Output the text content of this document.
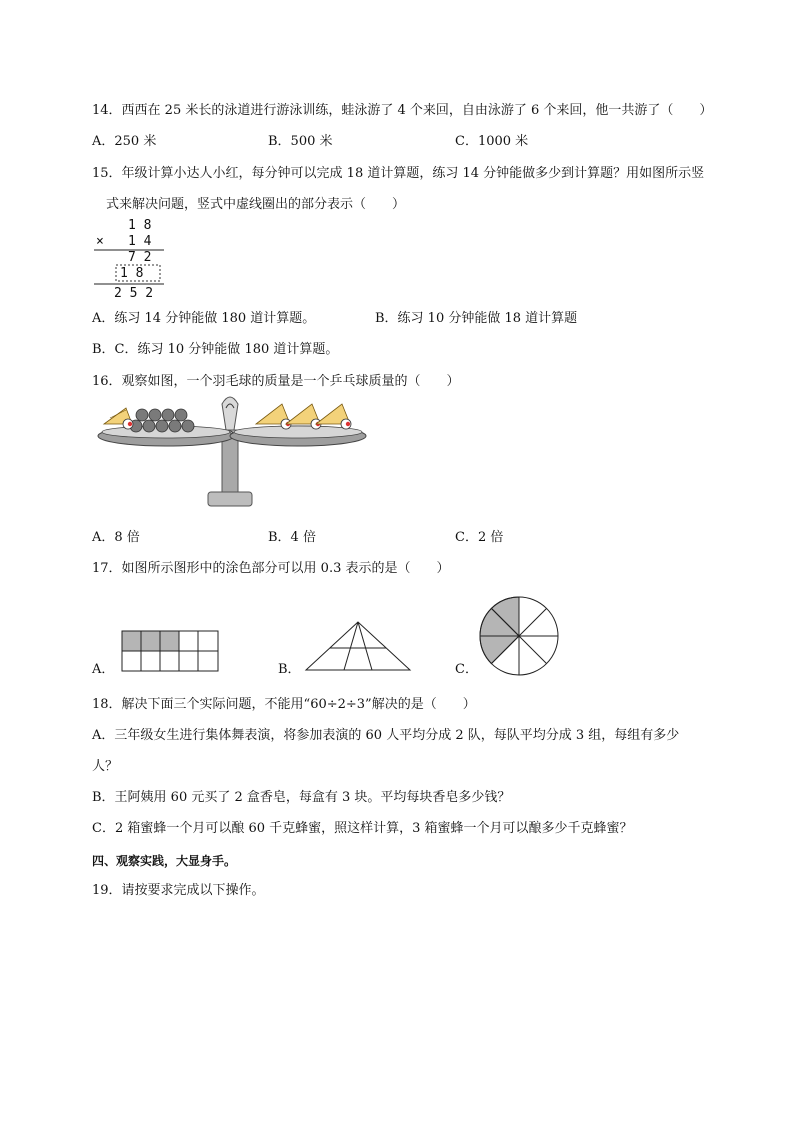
14．西西在 25 米长的泳道进行游泳训练，蛙泳游了 4 个来回，自由泳游了 6 个来回，他一共游了（　　）
A．250 米	B．500 米	C．1000 米
15．年级计算小达人小红，每分钟可以完成 18 道计算题，练习 14 分钟能做多少到计算题？用如图所示竖
式来解决问题，竖式中虚线圈出的部分表示（　　）
1 8
× 1 4
7 2
1 8
2 5 2
A．练习 14 分钟能做 180 道计算题。	B．练习 10 分钟能做 18 道计算题
B．C．练习 10 分钟能做 180 道计算题。
16．观察如图，一个羽毛球的质量是一个乒乓球质量的（　　）
A．8 倍	B．4 倍	C．2 倍
17．如图所示图形中的涂色部分可以用 0.3 表示的是（　　）
A．	B．	C．
18．解决下面三个实际问题，不能用“60÷2÷3”解决的是（　　）
A．三年级女生进行集体舞表演，将参加表演的 60 人平均分成 2 队，每队平均分成 3 组，每组有多少
人？
B．王阿姨用 60 元买了 2 盒香皂，每盒有 3 块。平均每块香皂多少钱？
C．2 箱蜜蜂一个月可以酿 60 千克蜂蜜，照这样计算，3 箱蜜蜂一个月可以酿多少千克蜂蜜？
四、观察实践，大显身手。
19．请按要求完成以下操作。
